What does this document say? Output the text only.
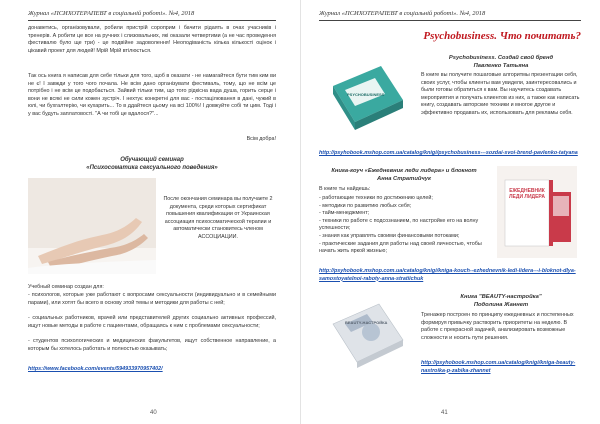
Журнал «ПСИХОТЕРАПЕВТ в соціальній роботі». №4, 2018
донаветись, організовували, робили пристрій сороприм і бачити рідаять в очах учасників і тренерів. А робити це все на ручних і слизовальних, які оказали четвертими (а не час проведення фестивалю було ще три) - це подвійне задоволення! Неоподіваність кілька кількості оцінок і цікавий проект для людей! Мрій Мрій втілюється.
Так ось книга я написав для себе тільки для того, щоб в оказати - не намагайтеся бути тим ким ви не є! І завжди у того чого почала. Не всім дано організувати фестиваль, тому, що не всім це потрібно і не всім це подобається. Зайвий тільки тим, що того рідкісна вада душа, горить серце і вони не всякі не сили кожен зустріч. І нехтує конкретні для вас - постацілювання в дані, чужий в юлі, чи бухгалтерію, чи кухарить... То в ддайтеся цьому на всі 100%! І довжуйте собі ти цим. Тоді і у вас будуть заплатовості. "А чи тобі це вдалося?"...
Всім добра!
Обучающий семинар
«Психосоматика сексуального поведения»
После окончания семинара вы получаете 2 документа, среди которых сертификат повышения квалификации от Украинская ассоциация психосоматической терапии и автоматически становитесь членом АССОЦИАЦИИ.
Учебный семинар создан для:
- психологов, которые уже работают с вопросами сексуальности (индивидуально и в семейными парами), или хотят бы всего в основу этой темы и методики для работы с ней;
- социальных работников, врачей или представителей других социально активных профессий, ищут новые методы в работе с пациентами, обращаясь к ним с проблемами сексуальности;
- студентов психологических и медицинских факультетов, ищут собственное направление, а которым бы хотелось работать и полностью оказывать;
https://www.facebook.com/events/594933970957402/
40
Журнал «ПСИХОТЕРАПЕВТ в соціальній роботі». №4, 2018
Psychobusiness. Что почитать?
PSYCHOBUSINESS
Psychobusiness. Создай свой бренд
Павленко Татьяна
В книге вы получите пошаговые алгоритмы презентации себя, своих услуг, чтобы клиенты вам увидели, заинтересовались и были готовы обратиться к вам. Вы научитесь создавать мероприятия и получать клиентов из них, а также как написать книгу, создавать авторские техники и многое другое и эффективно продавать их, использовать для рекламы себя.
http://psyhobook.mshop.com.ua/catalog/knigi/psychobusiness---sozdai-svoi-brend-pavlenko-tatyana
Книга-коуч «Ежедневник леди лидера» и блокнот
Анна Стратийчук
В книге ты найдешь:
- работающие техники по достижению целей;
- методики по развитию любых себя;
- тайм-менеджмент;
- техники по работе с подсознанием, по настройке его на волну успешности;
- знания как управлять своими финансовыми потоками;
- практические задания для работы над своей личностью, чтобы начать жить яркой жизнью;
ЕЖЕДНЕВНИК ЛЕДИ ЛИДЕРА
http://psyhobook.mshop.com.ua/catalog/knigi/kniga-kouch--ezhednevnik-ledi-lidera---i-bloknot-dlya-samostoyatelnoi-raboty-anna-stratiichuk
BEAUTY-НАСТРОЙКА
Книга "BEAUTY-настройка"
Подолина Жаннет
Тренажер построен по принципу ежедневных и постепенных формируя привычку растворить приоритеты на неделю. В работе с прекрасной задачей, анализировать возможные сложности и носить пути решения.
http://psyhobook.mshop.com.ua/catalog/knigi/kniga-beauty-nastroika-p-zabika-zhannet
41
